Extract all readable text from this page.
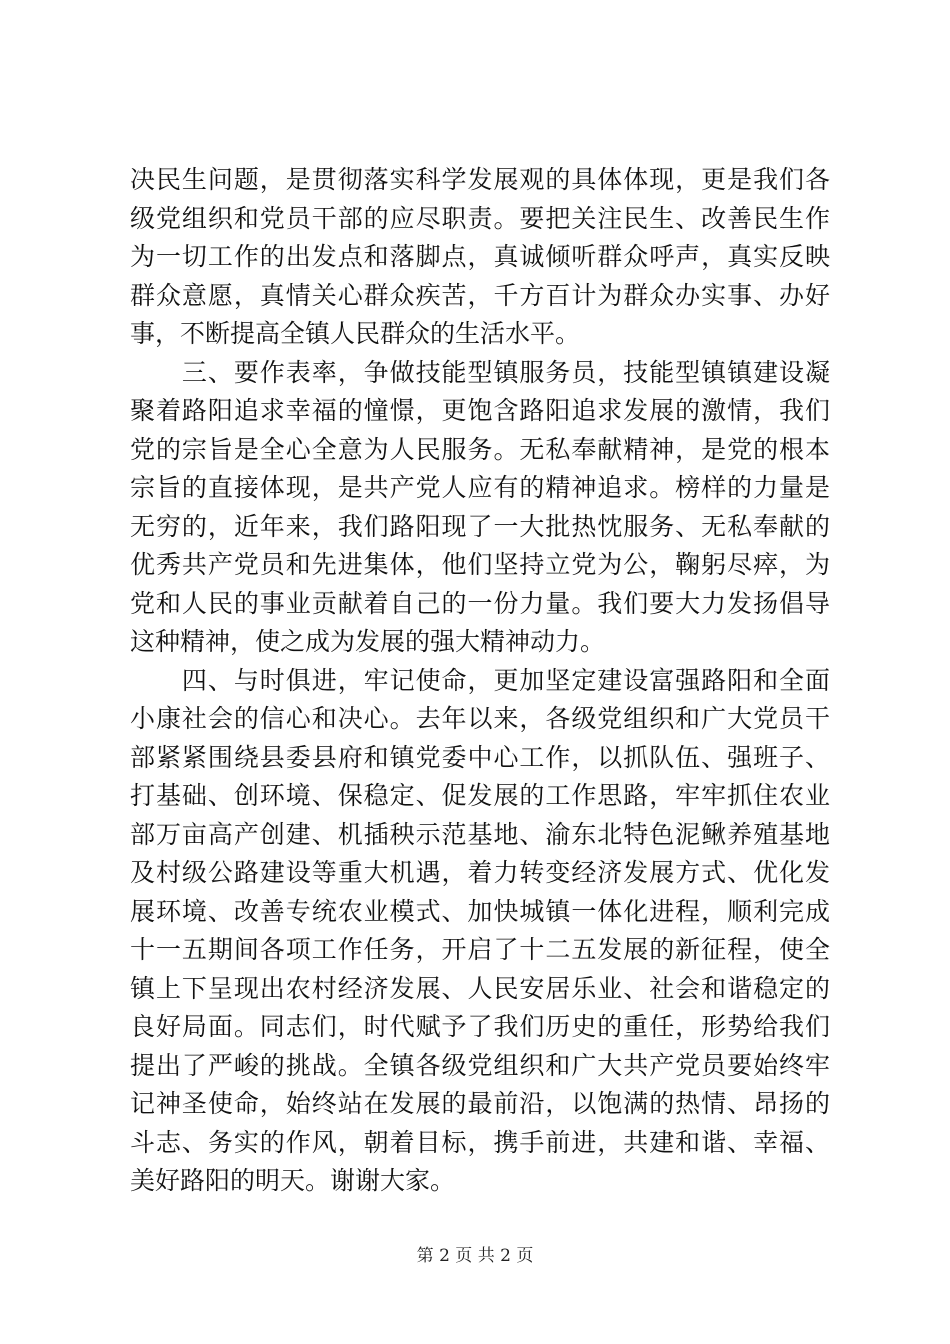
决民生问题，是贯彻落实科学发展观的具体体现，更是我们各
级党组织和党员干部的应尽职责。要把关注民生、改善民生作
为一切工作的出发点和落脚点，真诚倾听群众呼声，真实反映
群众意愿，真情关心群众疾苦，千方百计为群众办实事、办好
事，不断提高全镇人民群众的生活水平。
　　三、要作表率，争做技能型镇服务员，技能型镇镇建设凝
聚着路阳追求幸福的憧憬，更饱含路阳追求发展的激情，我们
党的宗旨是全心全意为人民服务。无私奉献精神，是党的根本
宗旨的直接体现，是共产党人应有的精神追求。榜样的力量是
无穷的，近年来，我们路阳现了一大批热忱服务、无私奉献的
优秀共产党员和先进集体，他们坚持立党为公，鞠躬尽瘁，为
党和人民的事业贡献着自己的一份力量。我们要大力发扬倡导
这种精神，使之成为发展的强大精神动力。
　　四、与时俱进，牢记使命，更加坚定建设富强路阳和全面
小康社会的信心和决心。去年以来，各级党组织和广大党员干
部紧紧围绕县委县府和镇党委中心工作，以抓队伍、强班子、
打基础、创环境、保稳定、促发展的工作思路，牢牢抓住农业
部万亩高产创建、机插秧示范基地、渝东北特色泥鳅养殖基地
及村级公路建设等重大机遇，着力转变经济发展方式、优化发
展环境、改善专统农业模式、加快城镇一体化进程，顺利完成
十一五期间各项工作任务，开启了十二五发展的新征程，使全
镇上下呈现出农村经济发展、人民安居乐业、社会和谐稳定的
良好局面。同志们，时代赋予了我们历史的重任，形势给我们
提出了严峻的挑战。全镇各级党组织和广大共产党员要始终牢
记神圣使命，始终站在发展的最前沿，以饱满的热情、昂扬的
斗志、务实的作风，朝着目标，携手前进，共建和谐、幸福、
美好路阳的明天。谢谢大家。
第 2 页 共 2 页
